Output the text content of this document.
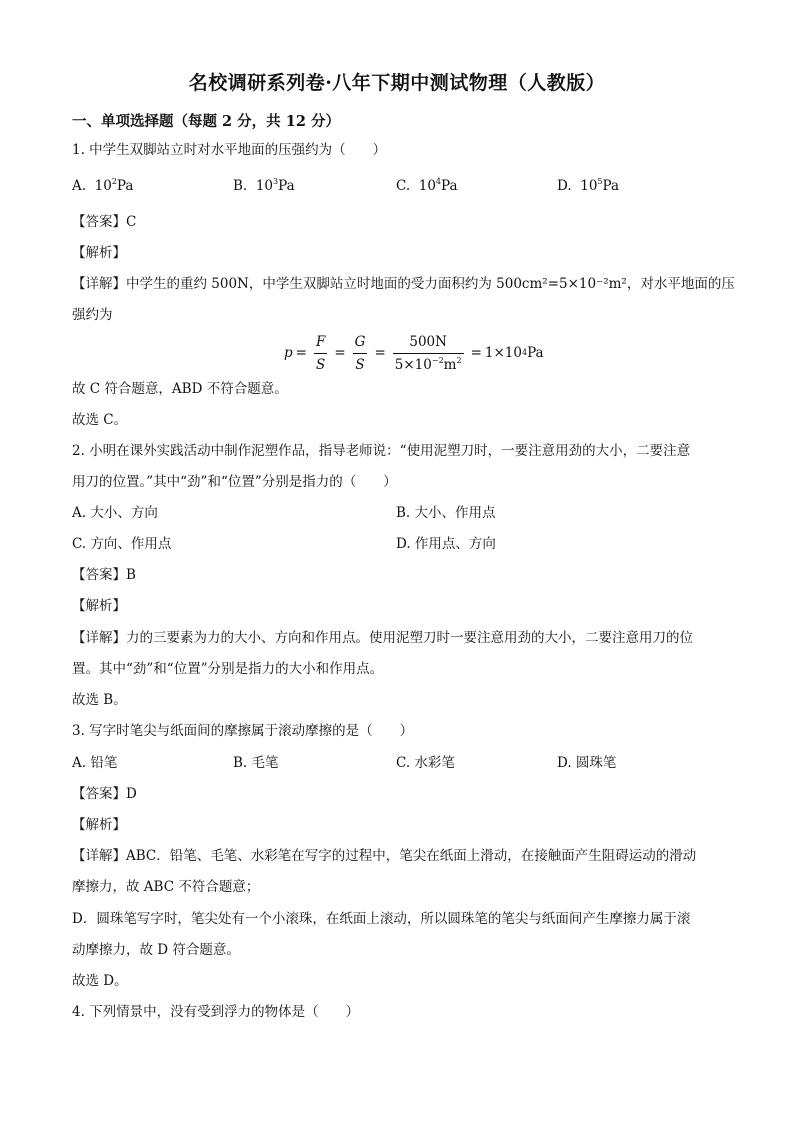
名校调研系列卷·八年下期中测试物理（人教版）
一、单项选择题（每题 2 分，共 12 分）
1. 中学生双脚站立时对水平地面的压强约为（　　）
A. $10^2Pa$	B. $10^3Pa$	C. $10^4Pa$	D. $10^5Pa$
【答案】C
【解析】
【详解】中学生的重约 500N，中学生双脚站立时地面的受力面积约为 500cm²=5×10⁻²m²，对水平地面的压
强约为
$p = \frac{F}{S} = \frac{G}{S} = \frac{500N}{5\times 10^{-2}m^2} = 1\times 10$ 4 Pa
故 C 符合题意，ABD 不符合题意。
故选 C。
2. 小明在课外实践活动中制作泥塑作品，指导老师说：“使用泥塑刀时，一要注意用劲的大小，二要注意
用刀的位置。”其中“劲”和“位置”分别是指力的（　　）
A. 大小、方向	B. 大小、作用点
C. 方向、作用点	D. 作用点、方向
【答案】B
【解析】
【详解】力的三要素为力的大小、方向和作用点。使用泥塑刀时一要注意用劲的大小，二要注意用刀的位
置。其中“劲”和“位置”分别是指力的大小和作用点。
故选 B。
3. 写字时笔尖与纸面间的摩擦属于滚动摩擦的是（　　）
A. 铅笔	B. 毛笔	C. 水彩笔	D. 圆珠笔
【答案】D
【解析】
【详解】ABC．铅笔、毛笔、水彩笔在写字的过程中，笔尖在纸面上滑动，在接触面产生阻碍运动的滑动
摩擦力，故 ABC 不符合题意；
D．圆珠笔写字时，笔尖处有一个小滚珠，在纸面上滚动，所以圆珠笔的笔尖与纸面间产生摩擦力属于滚
动摩擦力，故 D 符合题意。
故选 D。
4. 下列情景中，没有受到浮力的物体是（　　）
